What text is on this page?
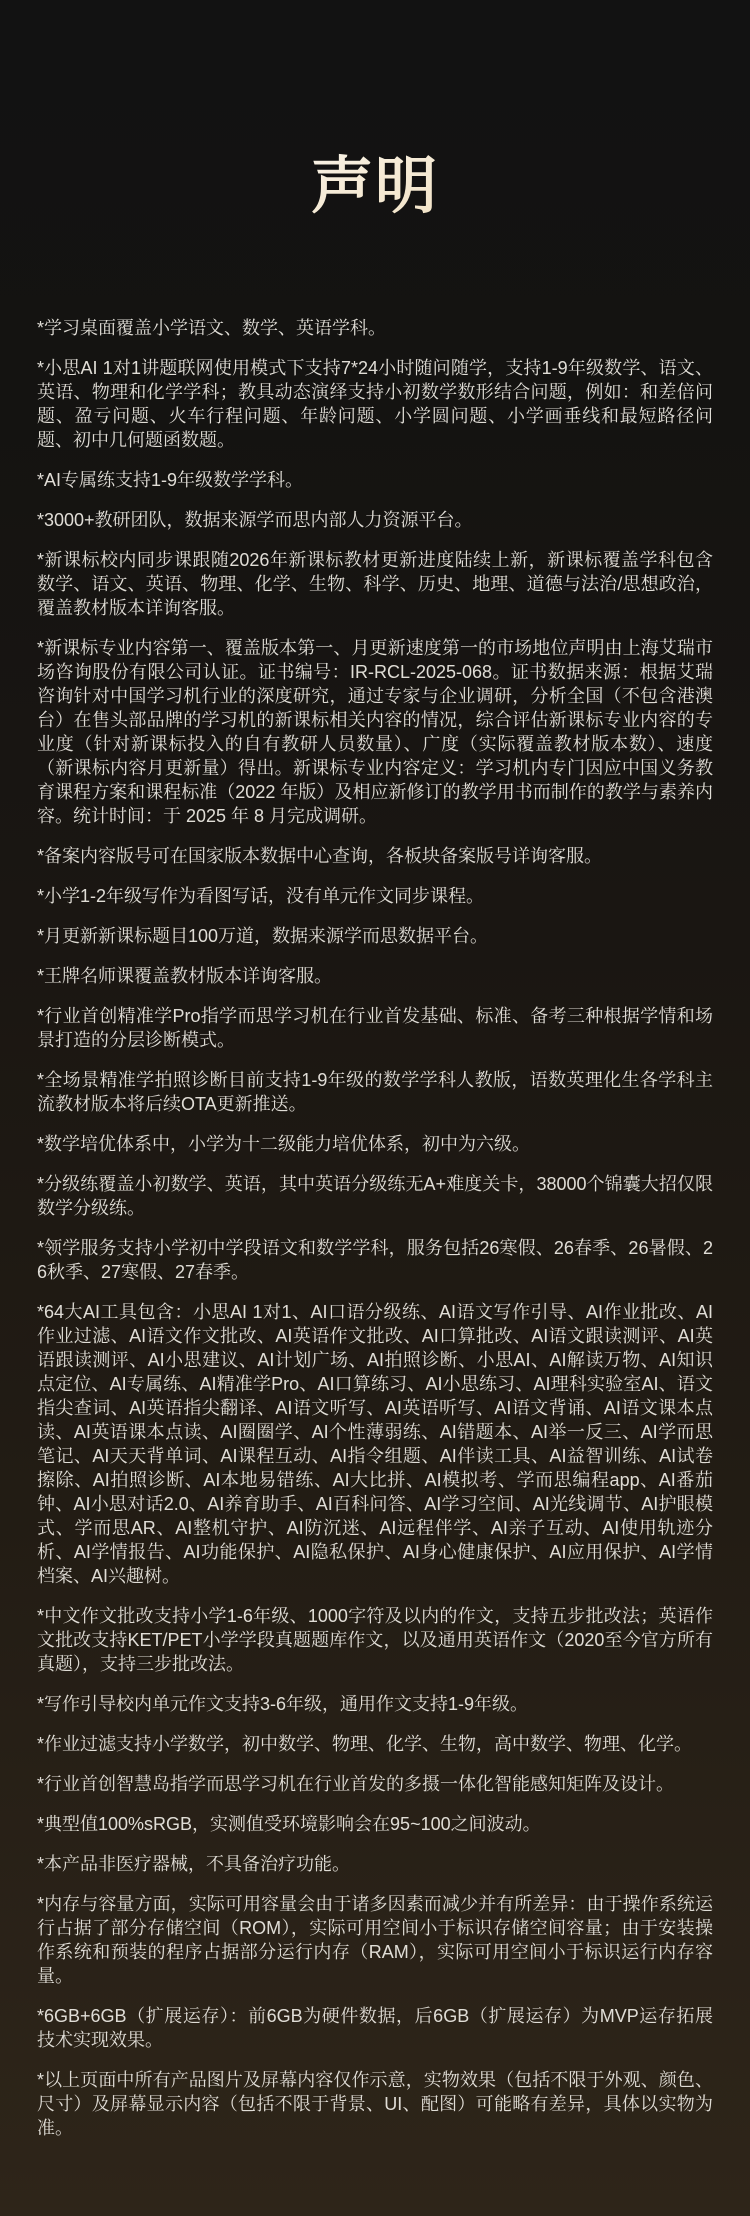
声明

*学习桌面覆盖小学语文、数学、英语学科。

*小思AI 1对1讲题联网使用模式下支持7*24小时随问随学，支持1-9年级数学、语文、英语、物理和化学学科；教具动态演绎支持小初数学数形结合问题，例如：和差倍问题、盈亏问题、火车行程问题、年龄问题、小学圆问题、小学画垂线和最短路径问题、初中几何题函数题。

*AI专属练支持1-9年级数学学科。

*3000+教研团队，数据来源学而思内部人力资源平台。

*新课标校内同步课跟随2026年新课标教材更新进度陆续上新，新课标覆盖学科包含数学、语文、英语、物理、化学、生物、科学、历史、地理、道德与法治/思想政治，覆盖教材版本详询客服。

*新课标专业内容第一、覆盖版本第一、月更新速度第一的市场地位声明由上海艾瑞市场咨询股份有限公司认证。证书编号：IR-RCL-2025-068。证书数据来源：根据艾瑞咨询针对中国学习机行业的深度研究，通过专家与企业调研，分析全国（不包含港澳台）在售头部品牌的学习机的新课标相关内容的情况，综合评估新课标专业内容的专业度（针对新课标投入的自有教研人员数量）、广度（实际覆盖教材版本数）、速度（新课标内容月更新量）得出。新课标专业内容定义：学习机内专门因应中国义务教育课程方案和课程标准（2022 年版）及相应新修订的教学用书而制作的教学与素养内容。统计时间：于 2025 年 8 月完成调研。

*备案内容版号可在国家版本数据中心查询，各板块备案版号详询客服。

*小学1-2年级写作为看图写话，没有单元作文同步课程。

*月更新新课标题目100万道，数据来源学而思数据平台。

*王牌名师课覆盖教材版本详询客服。

*行业首创精准学Pro指学而思学习机在行业首发基础、标准、备考三种根据学情和场景打造的分层诊断模式。

*全场景精准学拍照诊断目前支持1-9年级的数学学科人教版，语数英理化生各学科主流教材版本将后续OTA更新推送。

*数学培优体系中，小学为十二级能力培优体系，初中为六级。

*分级练覆盖小初数学、英语，其中英语分级练无A+难度关卡，38000个锦囊大招仅限数学分级练。

*领学服务支持小学初中学段语文和数学学科，服务包括26寒假、26春季、26暑假、26秋季、27寒假、27春季。

*64大AI工具包含：小思AI 1对1、AI口语分级练、AI语文写作引导、AI作业批改、AI作业过滤、AI语文作文批改、AI英语作文批改、AI口算批改、AI语文跟读测评、AI英语跟读测评、AI小思建议、AI计划广场、AI拍照诊断、小思AI、AI解读万物、AI知识点定位、AI专属练、AI精准学Pro、AI口算练习、AI小思练习、AI理科实验室AI、语文指尖查词、AI英语指尖翻译、AI语文听写、AI英语听写、AI语文背诵、AI语文课本点读、AI英语课本点读、AI圈圈学、AI个性薄弱练、AI错题本、AI举一反三、AI学而思笔记、AI天天背单词、AI课程互动、AI指令组题、AI伴读工具、AI益智训练、AI试卷擦除、AI拍照诊断、AI本地易错练、AI大比拼、AI模拟考、学而思编程app、AI番茄钟、AI小思对话2.0、AI养育助手、AI百科问答、AI学习空间、AI光线调节、AI护眼模式、学而思AR、AI整机守护、AI防沉迷、AI远程伴学、AI亲子互动、AI使用轨迹分析、AI学情报告、AI功能保护、AI隐私保护、AI身心健康保护、AI应用保护、AI学情档案、AI兴趣树。

*中文作文批改支持小学1-6年级、1000字符及以内的作文，支持五步批改法；英语作文批改支持KET/PET小学学段真题题库作文，以及通用英语作文（2020至今官方所有真题），支持三步批改法。

*写作引导校内单元作文支持3-6年级，通用作文支持1-9年级。

*作业过滤支持小学数学，初中数学、物理、化学、生物，高中数学、物理、化学。

*行业首创智慧岛指学而思学习机在行业首发的多摄一体化智能感知矩阵及设计。

*典型值100%sRGB，实测值受环境影响会在95~100之间波动。

*本产品非医疗器械，不具备治疗功能。

*内存与容量方面，实际可用容量会由于诸多因素而减少并有所差异：由于操作系统运行占据了部分存储空间（ROM），实际可用空间小于标识存储空间容量；由于安装操作系统和预装的程序占据部分运行内存（RAM），实际可用空间小于标识运行内存容量。

*6GB+6GB（扩展运存）：前6GB为硬件数据，后6GB（扩展运存）为MVP运存拓展技术实现效果。

*以上页面中所有产品图片及屏幕内容仅作示意，实物效果（包括不限于外观、颜色、尺寸）及屏幕显示内容（包括不限于背景、UI、配图）可能略有差异，具体以实物为准。
